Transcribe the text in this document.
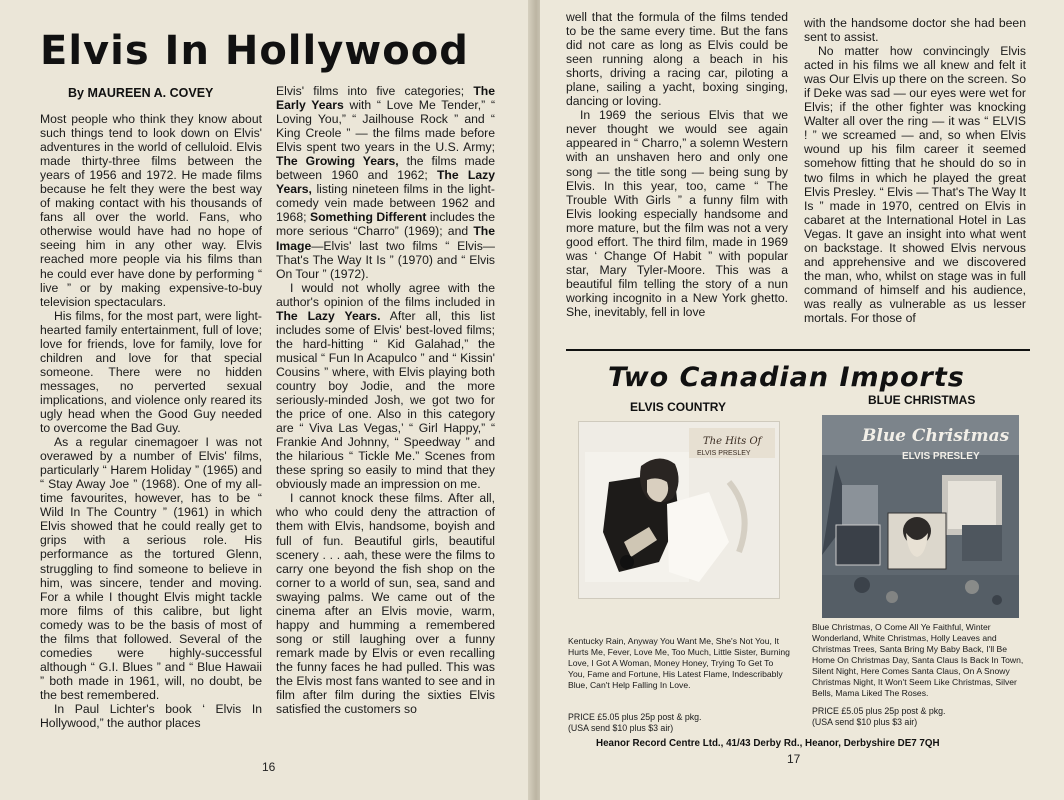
Elvis In Hollywood
By MAUREEN A. COVEY

Most people who think they know about such things tend to look down on Elvis' adventures in the world of celluloid. Elvis made thirty-three films between the years of 1956 and 1972. He made films because he felt they were the best way of making contact with his thousands of fans all over the world. Fans, who otherwise would have had no hope of seeing him in any other way. Elvis reached more people via his films than he could ever have done by performing “ live ” or by making expensive-to-buy television spectaculars.

His films, for the most part, were light-hearted family entertainment, full of love; love for friends, love for family, love for children and love for that special someone. There were no hidden messages, no perverted sexual implications, and violence only reared its ugly head when the Good Guy needed to overcome the Bad Guy.

As a regular cinemagoer I was not overawed by a number of Elvis' films, particularly “ Harem Holiday ” (1965) and “ Stay Away Joe ” (1968). One of my all-time favourites, however, has to be “ Wild In The Country ” (1961) in which Elvis showed that he could really get to grips with a serious role. His performance as the tortured Glenn, struggling to find someone to believe in him, was sincere, tender and moving. For a while I thought Elvis might tackle more films of this calibre, but light comedy was to be the basis of most of the films that followed. Several of the comedies were highly-successful although “ G.I. Blues ” and “ Blue Hawaii ” both made in 1961, will, no doubt, be the best remembered.

In Paul Lichter's book ‘ Elvis In Hollywood,” the author places

Elvis' films into five categories; The Early Years with “ Love Me Tender,” “ Loving You,” “ Jailhouse Rock ” and “ King Creole ” — the films made before Elvis spent two years in the U.S. Army; The Growing Years, the films made between 1960 and 1962; The Lazy Years, listing nineteen films in the light-comedy vein made between 1962 and 1968; Something Different includes the more serious “Charro” (1969); and The Image—Elvis' last two films “ Elvis—That's The Way It Is ” (1970) and “ Elvis On Tour ” (1972).

I would not wholly agree with the author's opinion of the films included in The Lazy Years. After all, this list includes some of Elvis' best-loved films; the hard-hitting “ Kid Galahad,” the musical “ Fun In Acapulco ” and “ Kissin' Cousins ” where, with Elvis playing both country boy Jodie, and the more seriously-minded Josh, we got two for the price of one. Also in this category are “ Viva Las Vegas,’ “ Girl Happy,” “ Frankie And Johnny, “ Speedway ” and the hilarious “ Tickle Me.” Scenes from these spring so easily to mind that they obviously made an impression on me.

I cannot knock these films. After all, who who could deny the attraction of them with Elvis, handsome, boyish and full of fun. Beautiful girls, beautiful scenery . . . aah, these were the films to carry one beyond the fish shop on the corner to a world of sun, sea, sand and swaying palms. We came out of the cinema after an Elvis movie, warm, happy and humming a remembered song or still laughing over a funny remark made by Elvis or even recalling the funny faces he had pulled. This was the Elvis most fans wanted to see and in film after film during the sixties Elvis satisfied the customers so

16

well that the formula of the films tended to be the same every time. But the fans did not care as long as Elvis could be seen running along a beach in his shorts, driving a racing car, piloting a plane, sailing a yacht, boxing singing, dancing or loving.

In 1969 the serious Elvis that we never thought we would see again appeared in “ Charro,” a solemn Western with an unshaven hero and only one song — the title song — being sung by Elvis. In this year, too, came “ The Trouble With Girls ” a funny film with Elvis looking especially handsome and more mature, but the film was not a very good effort. The third film, made in 1969 was ‘ Change Of Habit ” with popular star, Mary Tyler-Moore. This was a beautiful film telling the story of a nun working incognito in a New York ghetto. She, inevitably, fell in love

with the handsome doctor she had been sent to assist.

No matter how convincingly Elvis acted in his films we all knew and felt it was Our Elvis up there on the screen. So if Deke was sad — our eyes were wet for Elvis; if the other fighter was knocking Walter all over the ring — it was “ ELVIS ! ” we screamed — and, so when Elvis wound up his film career it seemed somehow fitting that he should do so in two films in which he played the great Elvis Presley. “ Elvis — That's The Way It Is ” made in 1970, centred on Elvis in cabaret at the International Hotel in Las Vegas. It gave an insight into what went on backstage. It showed Elvis nervous and apprehensive and we discovered the man, who, whilst on stage was in full command of himself and his audience, was really as vulnerable as us lesser mortals. For those of

Two Canadian Imports
ELVIS COUNTRY	BLUE CHRISTMAS
The Hits Of
ELVIS PRESLEY
Blue Christmas
ELVIS PRESLEY
Kentucky Rain, Anyway You Want Me, She's Not You, It Hurts Me, Fever, Love Me, Too Much, Little Sister, Burning Love, I Got A Woman, Money Honey, Trying To Get To You, Fame and Fortune, His Latest Flame, Indescribably Blue, Can't Help Falling In Love.
Blue Christmas, O Come All Ye Faithful, Winter Wonderland, White Christmas, Holly Leaves and Christmas Trees, Santa Bring My Baby Back, I'll Be Home On Christmas Day, Santa Claus Is Back In Town, Silent Night, Here Comes Santa Claus, On A Snowy Christmas Night, It Won't Seem Like Christmas, Silver Bells, Mama Liked The Roses.
PRICE £5.05 plus 25p post & pkg.
(USA send $10 plus $3 air)
PRICE £5.05 plus 25p post & pkg.
(USA send $10 plus $3 air)
Heanor Record Centre Ltd., 41/43 Derby Rd., Heanor, Derbyshire DE7 7QH
17
